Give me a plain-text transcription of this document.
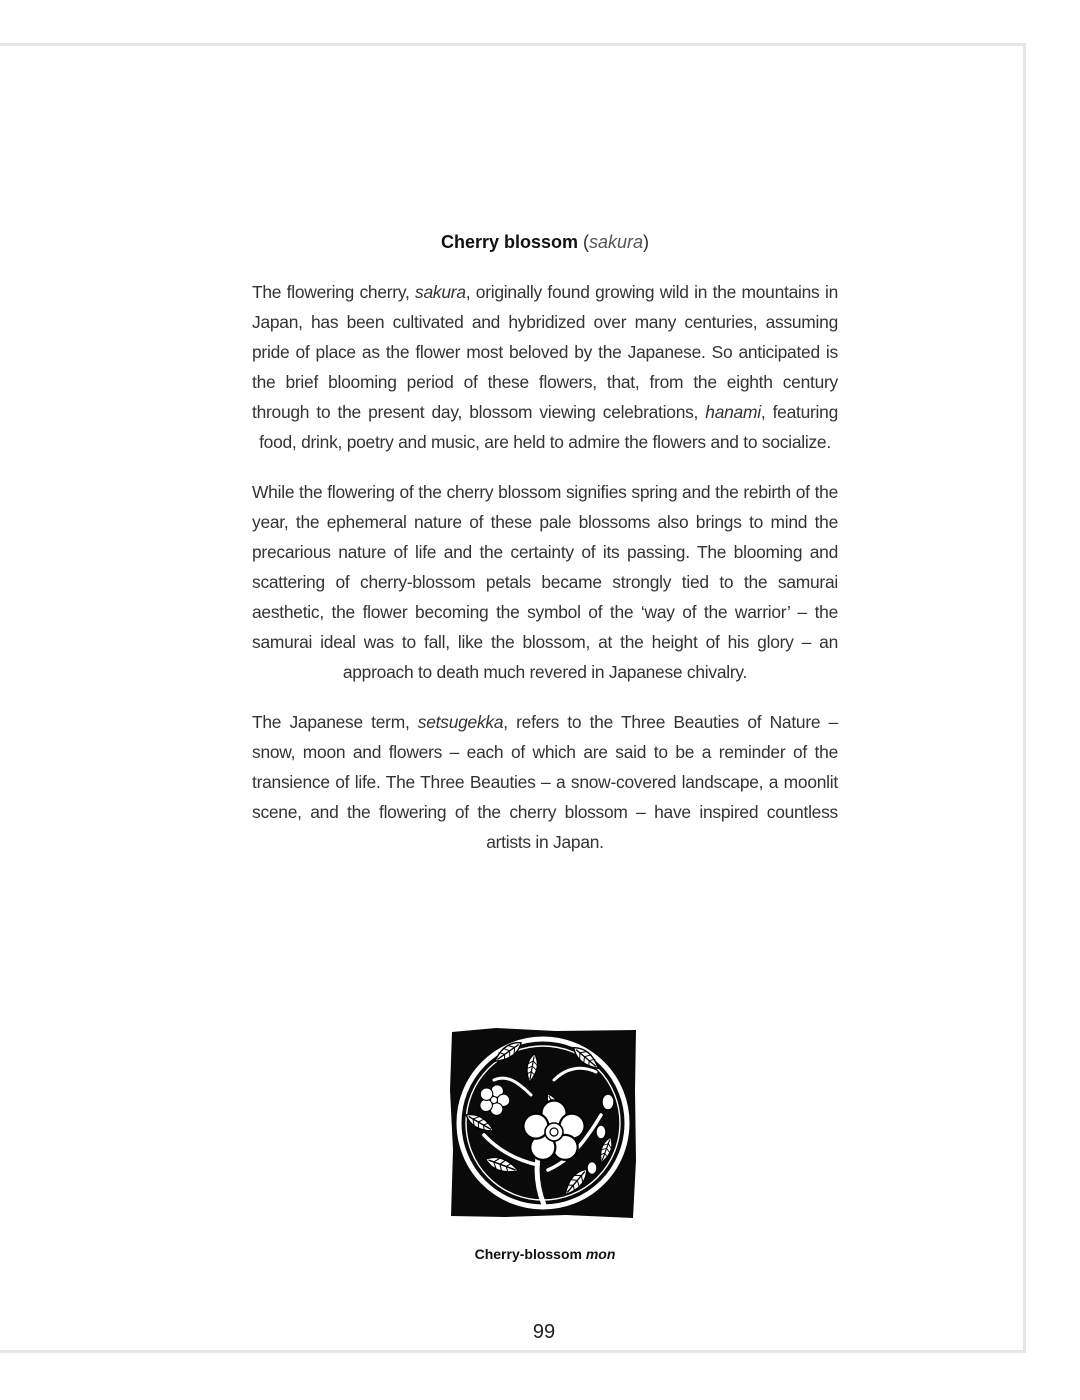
Cherry blossom (sakura)

The flowering cherry, sakura, originally found growing wild in the mountains in Japan, has been cultivated and hybridized over many centuries, assuming pride of place as the flower most beloved by the Japanese. So anticipated is the brief blooming period of these flowers, that, from the eighth century through to the present day, blossom viewing celebrations, hanami, featuring food, drink, poetry and music, are held to admire the flowers and to socialize.

While the flowering of the cherry blossom signifies spring and the rebirth of the year, the ephemeral nature of these pale blossoms also brings to mind the precarious nature of life and the certainty of its passing. The blooming and scattering of cherry-blossom petals became strongly tied to the samurai aesthetic, the flower becoming the symbol of the ‘way of the warrior’ – the samurai ideal was to fall, like the blossom, at the height of his glory – an approach to death much revered in Japanese chivalry.

The Japanese term, setsugekka, refers to the Three Beauties of Nature – snow, moon and flowers – each of which are said to be a reminder of the transience of life. The Three Beauties – a snow-covered landscape, a moonlit scene, and the flowering of the cherry blossom – have inspired countless artists in Japan.

Cherry-blossom mon
99
